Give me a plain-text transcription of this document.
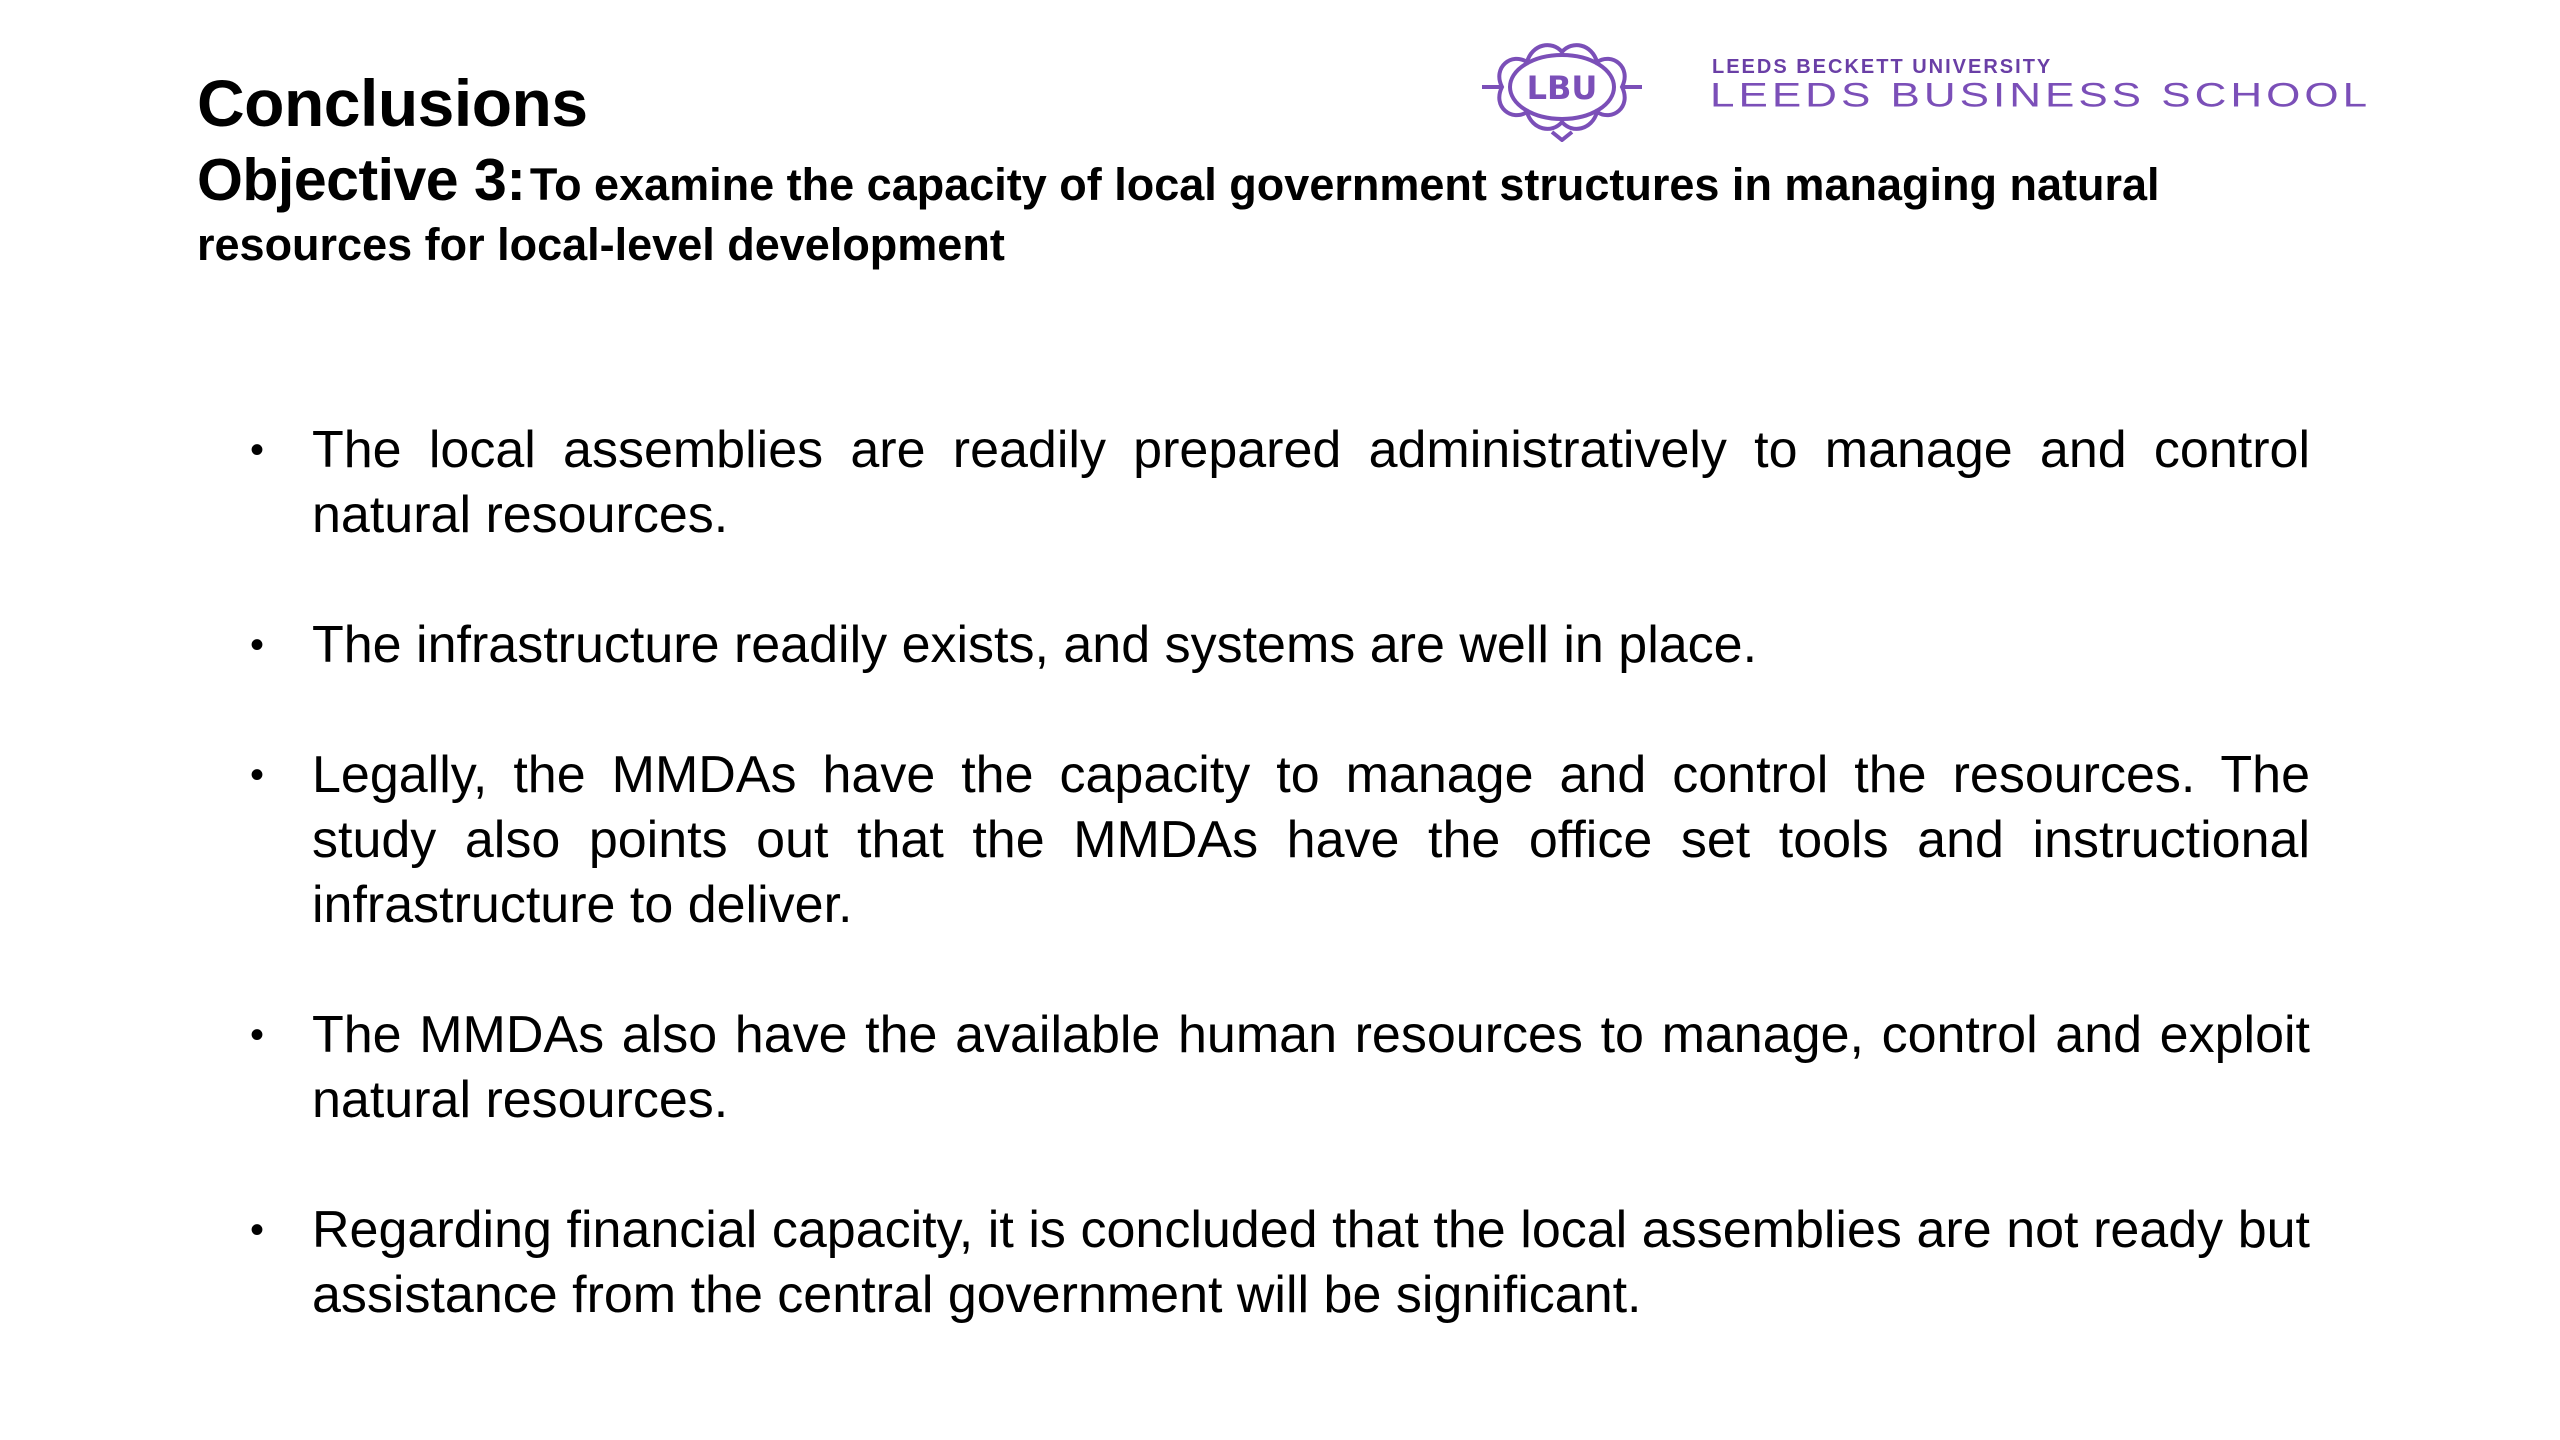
LBU
LEEDS BECKETT UNIVERSITY
LEEDS BUSINESS SCHOOL
Conclusions

Objective 3: To examine the capacity of local government structures in managing natural resources for local-level development

• The local assemblies are readily prepared administratively to manage and control natural resources.
• The infrastructure readily exists, and systems are well in place.
• Legally, the MMDAs have the capacity to manage and control the resources. The study also points out that the MMDAs have the office set tools and instructional infrastructure to deliver.
• The MMDAs also have the available human resources to manage, control and exploit natural resources.
• Regarding financial capacity, it is concluded that the local assemblies are not ready but assistance from the central government will be significant.
